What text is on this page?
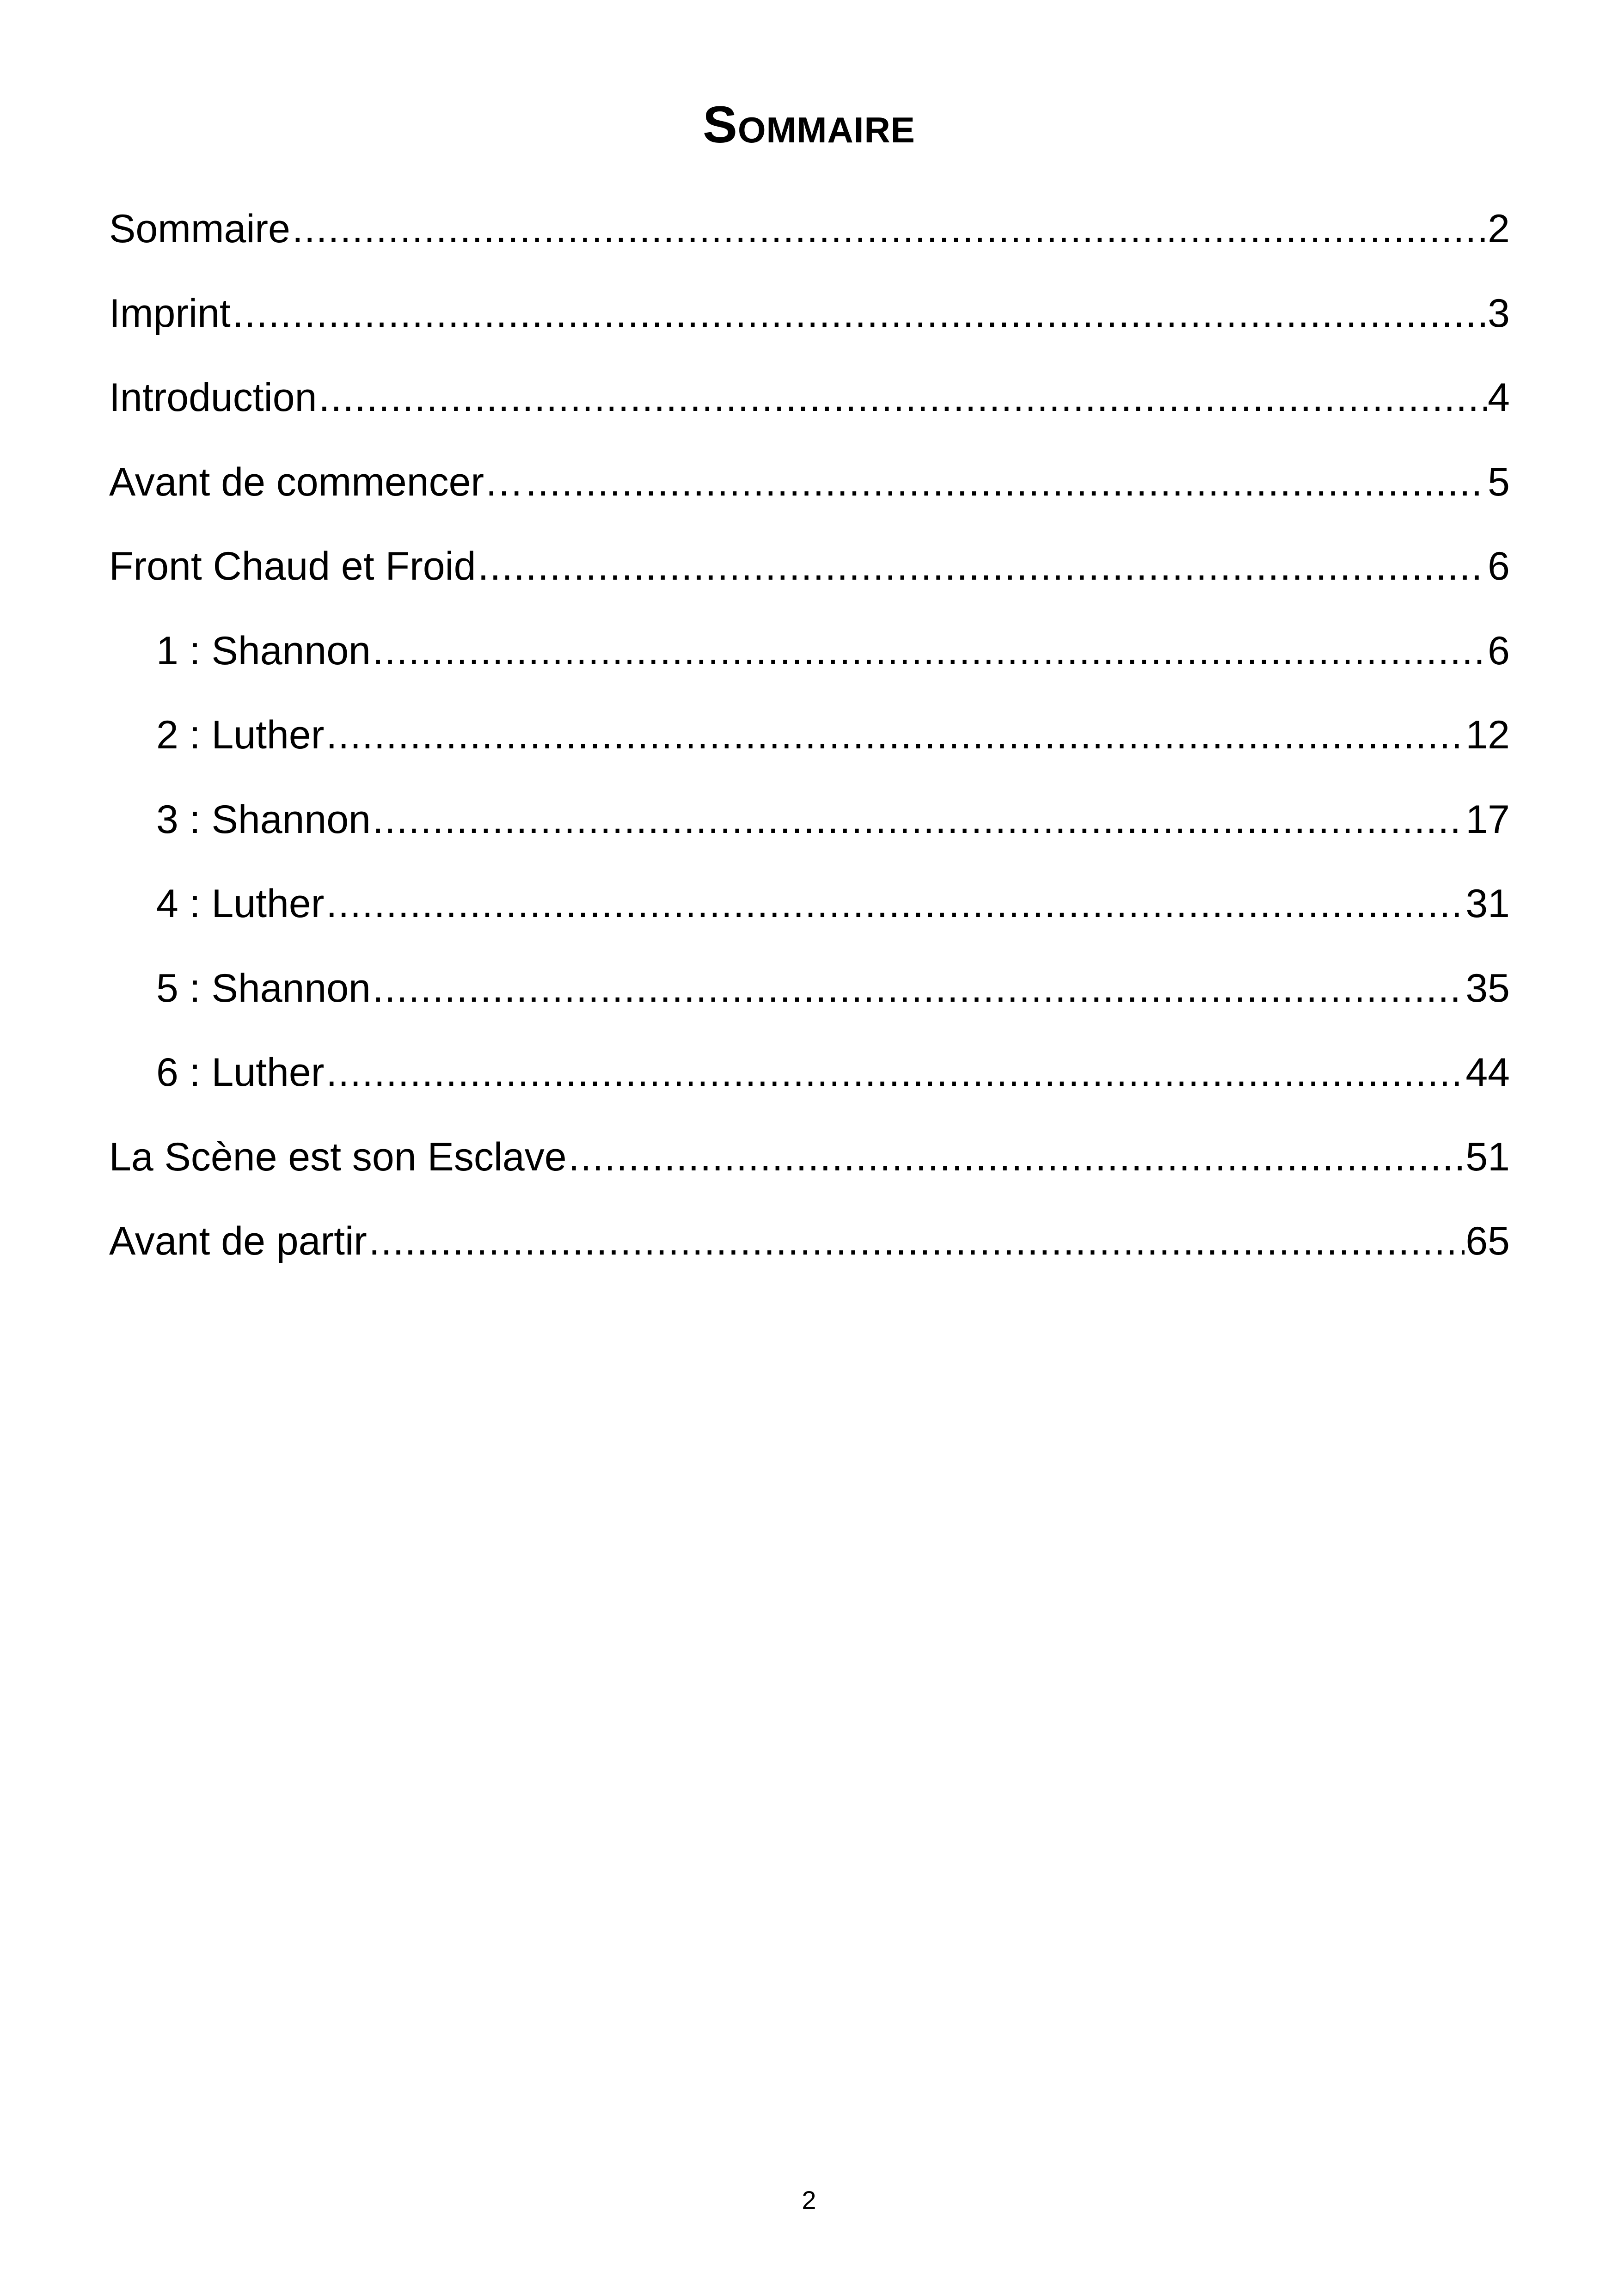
Sommaire
Sommaire .....	2
Imprint .....	3
Introduction .....	4
Avant de commencer… .....	5
Front Chaud et Froid .....	6
1 : Shannon .....	6
2 : Luther .....	12
3 : Shannon .....	17
4 : Luther .....	31
5 : Shannon .....	35
6 : Luther .....	44
La Scène est son Esclave .....	51
Avant de partir .....	65
2
